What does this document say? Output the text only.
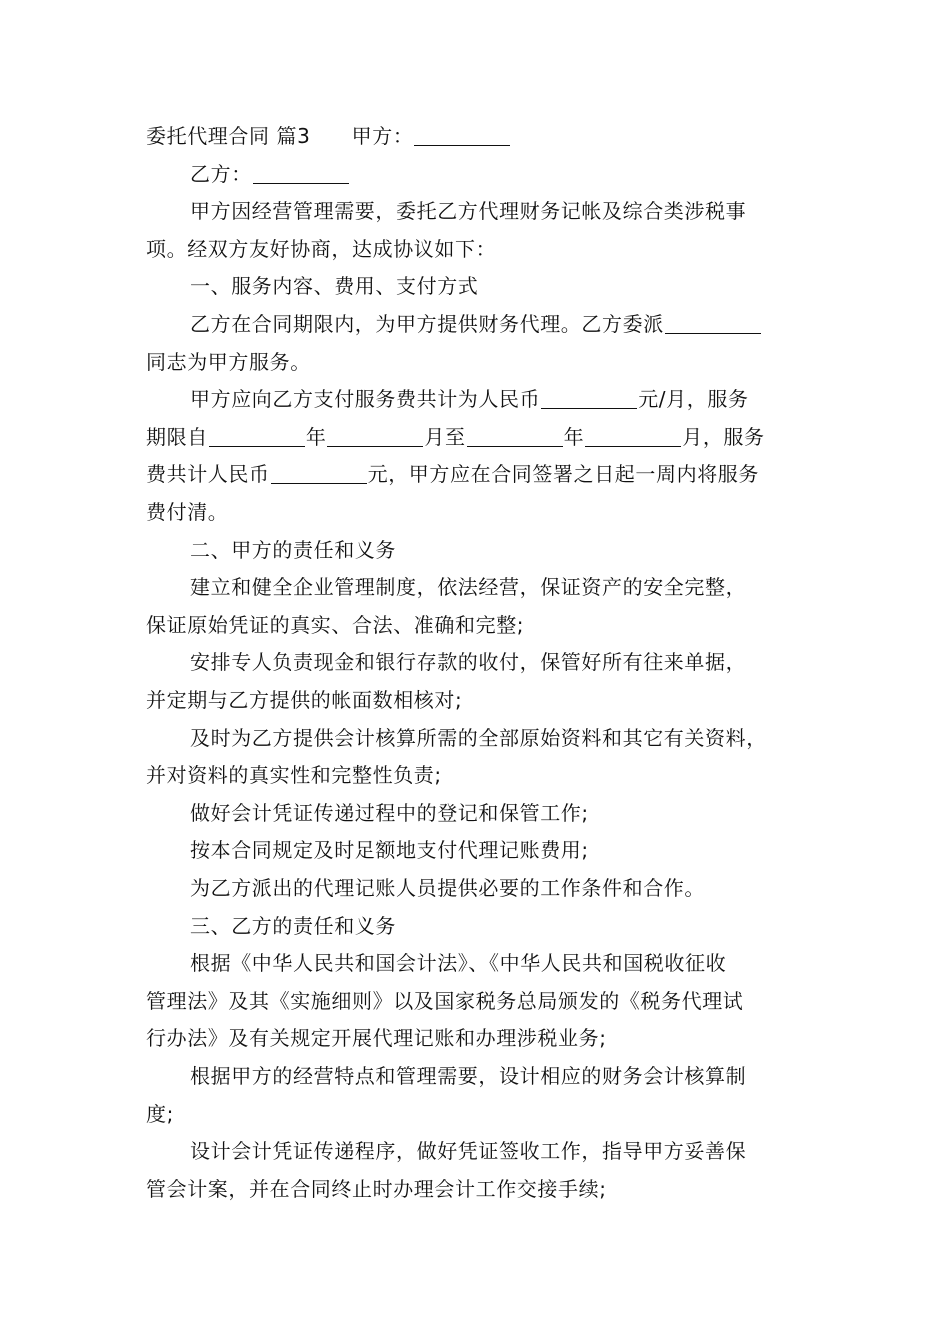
委托代理合同 篇3　　甲方：
乙方：
甲方因经营管理需要，委托乙方代理财务记帐及综合类涉税事
项。经双方友好协商，达成协议如下：
一、服务内容、费用、支付方式
乙方在合同期限内，为甲方提供财务代理。乙方委派
同志为甲方服务。
甲方应向乙方支付服务费共计为人民币	元/月，服务
期限自	年	月至	年	月，服务
费共计人民币	元，甲方应在合同签署之日起一周内将服务
费付清。
二、甲方的责任和义务
建立和健全企业管理制度，依法经营，保证资产的安全完整，
保证原始凭证的真实、合法、准确和完整;
安排专人负责现金和银行存款的收付，保管好所有往来单据，
并定期与乙方提供的帐面数相核对;
及时为乙方提供会计核算所需的全部原始资料和其它有关资料，
并对资料的真实性和完整性负责;
做好会计凭证传递过程中的登记和保管工作;
按本合同规定及时足额地支付代理记账费用;
为乙方派出的代理记账人员提供必要的工作条件和合作。
三、乙方的责任和义务
根据《中华人民共和国会计法》、《中华人民共和国税收征收
管理法》及其《实施细则》以及国家税务总局颁发的《税务代理试
行办法》及有关规定开展代理记账和办理涉税业务;
根据甲方的经营特点和管理需要，设计相应的财务会计核算制
度;
设计会计凭证传递程序，做好凭证签收工作，指导甲方妥善保
管会计案，并在合同终止时办理会计工作交接手续;
